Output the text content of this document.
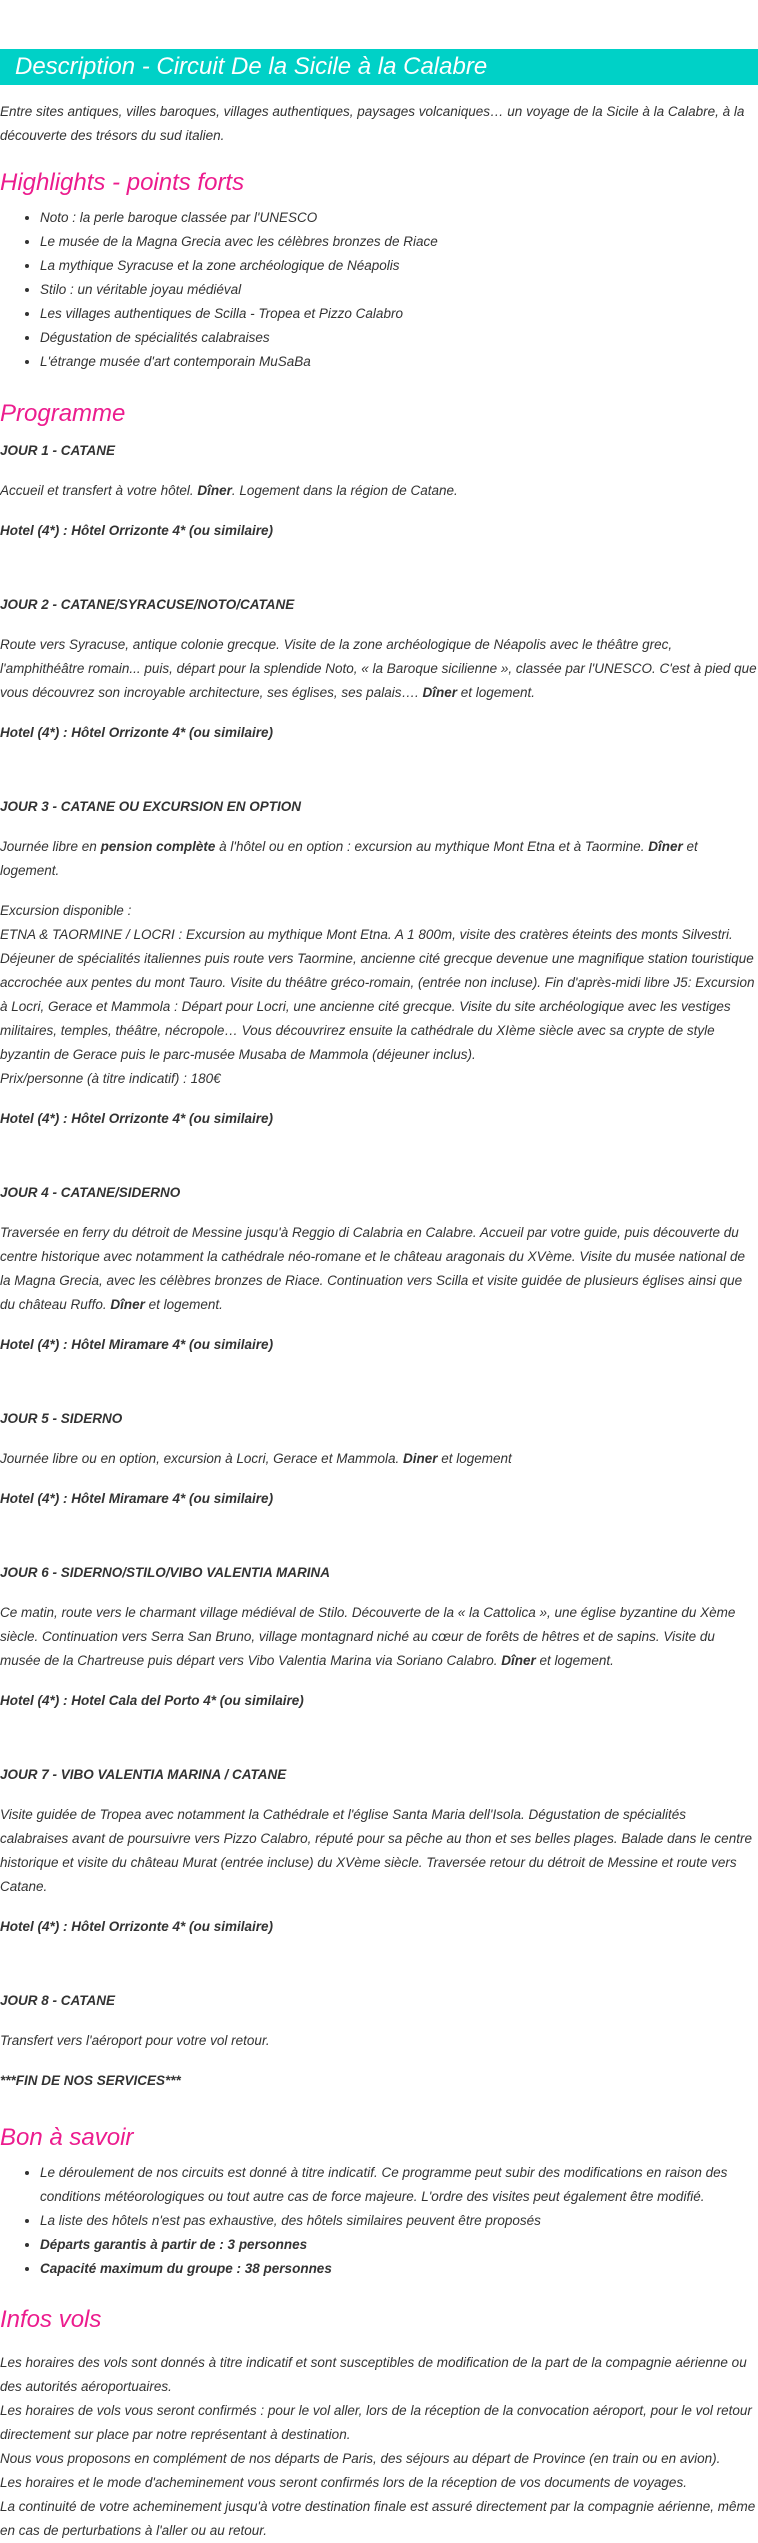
Description - Circuit De la Sicile à la Calabre

Entre sites antiques, villes baroques, villages authentiques, paysages volcaniques… un voyage de la Sicile à la Calabre, à la découverte des trésors du sud italien.

Highlights - points forts
• Noto : la perle baroque classée par l'UNESCO
• Le musée de la Magna Grecia avec les célèbres bronzes de Riace
• La mythique Syracuse et la zone archéologique de Néapolis
• Stilo : un véritable joyau médiéval
• Les villages authentiques de Scilla - Tropea et Pizzo Calabro
• Dégustation de spécialités calabraises
• L'étrange musée d'art contemporain MuSaBa
Programme

JOUR 1 - CATANE

Accueil et transfert à votre hôtel. Dîner. Logement dans la région de Catane.

Hotel (4*) : Hôtel Orrizonte 4* (ou similaire)

JOUR 2 - CATANE/SYRACUSE/NOTO/CATANE

Route vers Syracuse, antique colonie grecque. Visite de la zone archéologique de Néapolis avec le théâtre grec, l'amphithéâtre romain... puis, départ pour la splendide Noto, « la Baroque sicilienne », classée par l'UNESCO. C'est à pied que vous découvrez son incroyable architecture, ses églises, ses palais…. Dîner et logement.

Hotel (4*) : Hôtel Orrizonte 4* (ou similaire)

JOUR 3 - CATANE OU EXCURSION EN OPTION

Journée libre en pension complète à l'hôtel ou en option : excursion au mythique Mont Etna et à Taormine. Dîner et logement.

Excursion disponible :
ETNA & TAORMINE / LOCRI : Excursion au mythique Mont Etna. A 1 800m, visite des cratères éteints des monts Silvestri. Déjeuner de spécialités italiennes puis route vers Taormine, ancienne cité grecque devenue une magnifique station touristique accrochée aux pentes du mont Tauro. Visite du théâtre gréco-romain, (entrée non incluse). Fin d'après-midi libre J5: Excursion à Locri, Gerace et Mammola : Départ pour Locri, une ancienne cité grecque. Visite du site archéologique avec les vestiges militaires, temples, théâtre, nécropole… Vous découvrirez ensuite la cathédrale du XIème siècle avec sa crypte de style byzantin de Gerace puis le parc-musée Musaba de Mammola (déjeuner inclus).
Prix/personne (à titre indicatif) : 180€

Hotel (4*) : Hôtel Orrizonte 4* (ou similaire)

JOUR 4 - CATANE/SIDERNO

Traversée en ferry du détroit de Messine jusqu'à Reggio di Calabria en Calabre. Accueil par votre guide, puis découverte du centre historique avec notamment la cathédrale néo-romane et le château aragonais du XVème. Visite du musée national de la Magna Grecia, avec les célèbres bronzes de Riace. Continuation vers Scilla et visite guidée de plusieurs églises ainsi que du château Ruffo. Dîner et logement.

Hotel (4*) : Hôtel Miramare 4* (ou similaire)

JOUR 5 - SIDERNO

Journée libre ou en option, excursion à Locri, Gerace et Mammola. Diner et logement

Hotel (4*) : Hôtel Miramare 4* (ou similaire)

JOUR 6 - SIDERNO/STILO/VIBO VALENTIA MARINA

Ce matin, route vers le charmant village médiéval de Stilo. Découverte de la « la Cattolica », une église byzantine du Xème siècle. Continuation vers Serra San Bruno, village montagnard niché au cœur de forêts de hêtres et de sapins. Visite du musée de la Chartreuse puis départ vers Vibo Valentia Marina via Soriano Calabro. Dîner et logement.

Hotel (4*) : Hotel Cala del Porto 4* (ou similaire)

JOUR 7 - VIBO VALENTIA MARINA / CATANE

Visite guidée de Tropea avec notamment la Cathédrale et l'église Santa Maria dell'Isola. Dégustation de spécialités calabraises avant de poursuivre vers Pizzo Calabro, réputé pour sa pêche au thon et ses belles plages. Balade dans le centre historique et visite du château Murat (entrée incluse) du XVème siècle. Traversée retour du détroit de Messine et route vers Catane.

Hotel (4*) : Hôtel Orrizonte 4* (ou similaire)

JOUR 8 - CATANE

Transfert vers l'aéroport pour votre vol retour.

***FIN DE NOS SERVICES***

Bon à savoir
• Le déroulement de nos circuits est donné à titre indicatif. Ce programme peut subir des modifications en raison des conditions météorologiques ou tout autre cas de force majeure. L'ordre des visites peut également être modifié.
• La liste des hôtels n'est pas exhaustive, des hôtels similaires peuvent être proposés
• Départs garantis à partir de : 3 personnes
• Capacité maximum du groupe : 38 personnes
Infos vols

Les horaires des vols sont donnés à titre indicatif et sont susceptibles de modification de la part de la compagnie aérienne ou des autorités aéroportuaires.
Les horaires de vols vous seront confirmés : pour le vol aller, lors de la réception de la convocation aéroport, pour le vol retour directement sur place par notre représentant à destination.
Nous vous proposons en complément de nos départs de Paris, des séjours au départ de Province (en train ou en avion).
Les horaires et le mode d'acheminement vous seront confirmés lors de la réception de vos documents de voyages.
La continuité de votre acheminement jusqu'à votre destination finale est assuré directement par la compagnie aérienne, même en cas de perturbations à l'aller ou au retour.
